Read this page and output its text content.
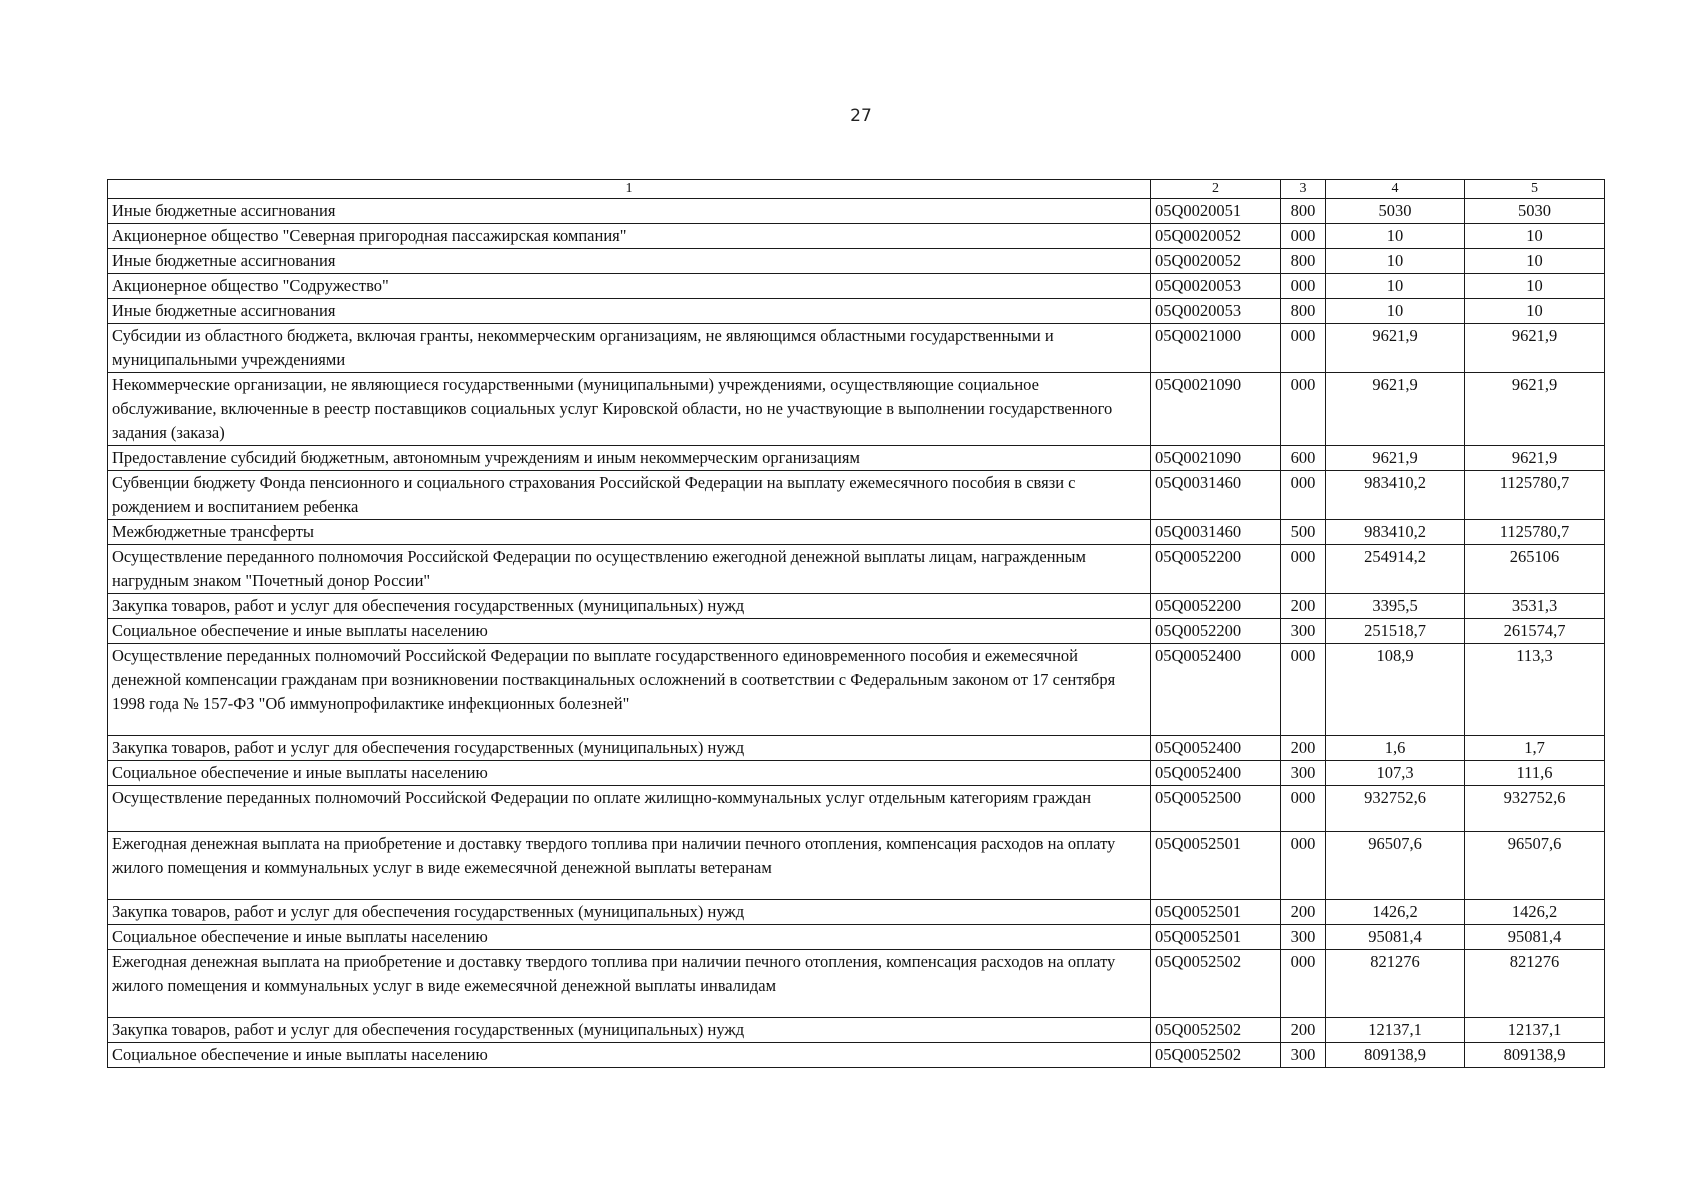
27
1	2	3	4	5
Иные бюджетные ассигнования	05Q0020051	800	5030	5030
Акционерное общество "Северная пригородная пассажирская компания"	05Q0020052	000	10	10
Иные бюджетные ассигнования	05Q0020052	800	10	10
Акционерное общество "Содружество"	05Q0020053	000	10	10
Иные бюджетные ассигнования	05Q0020053	800	10	10
Субсидии из областного бюджета, включая гранты, некоммерческим организациям, не являющимся областными государственными и муниципальными учреждениями	05Q0021000	000	9621,9	9621,9
Некоммерческие организации, не являющиеся государственными (муниципальными) учреждениями, осуществляющие социальное обслуживание, включенные в реестр поставщиков социальных услуг Кировской области, но не участвующие в выполнении государственного задания (заказа)	05Q0021090	000	9621,9	9621,9
Предоставление субсидий бюджетным, автономным учреждениям и иным некоммерческим организациям	05Q0021090	600	9621,9	9621,9
Субвенции бюджету Фонда пенсионного и социального страхования Российской Федерации на выплату ежемесячного пособия в связи с рождением и воспитанием ребенка	05Q0031460	000	983410,2	1125780,7
Межбюджетные трансферты	05Q0031460	500	983410,2	1125780,7
Осуществление переданного полномочия Российской Федерации по осуществлению ежегодной денежной выплаты лицам, награжденным нагрудным знаком "Почетный донор России"	05Q0052200	000	254914,2	265106
Закупка товаров, работ и услуг для обеспечения государственных (муниципальных) нужд	05Q0052200	200	3395,5	3531,3
Социальное обеспечение и иные выплаты населению	05Q0052200	300	251518,7	261574,7
Осуществление переданных полномочий Российской Федерации по выплате государственного единовременного пособия и ежемесячной денежной компенсации гражданам при возникновении поствакцинальных осложнений в соответствии с Федеральным законом от 17 сентября 1998 года № 157-ФЗ "Об иммунопрофилактике инфекционных болезней"	05Q0052400	000	108,9	113,3
Закупка товаров, работ и услуг для обеспечения государственных (муниципальных) нужд	05Q0052400	200	1,6	1,7
Социальное обеспечение и иные выплаты населению	05Q0052400	300	107,3	111,6
Осуществление переданных полномочий Российской Федерации по оплате жилищно-коммунальных услуг отдельным категориям граждан	05Q0052500	000	932752,6	932752,6
Ежегодная денежная выплата на приобретение и доставку твердого топлива при наличии печного отопления, компенсация расходов на оплату жилого помещения и коммунальных услуг в виде ежемесячной денежной выплаты ветеранам	05Q0052501	000	96507,6	96507,6
Закупка товаров, работ и услуг для обеспечения государственных (муниципальных) нужд	05Q0052501	200	1426,2	1426,2
Социальное обеспечение и иные выплаты населению	05Q0052501	300	95081,4	95081,4
Ежегодная денежная выплата на приобретение и доставку твердого топлива при наличии печного отопления, компенсация расходов на оплату жилого помещения и коммунальных услуг в виде ежемесячной денежной выплаты инвалидам	05Q0052502	000	821276	821276
Закупка товаров, работ и услуг для обеспечения государственных (муниципальных) нужд	05Q0052502	200	12137,1	12137,1
Социальное обеспечение и иные выплаты населению	05Q0052502	300	809138,9	809138,9
